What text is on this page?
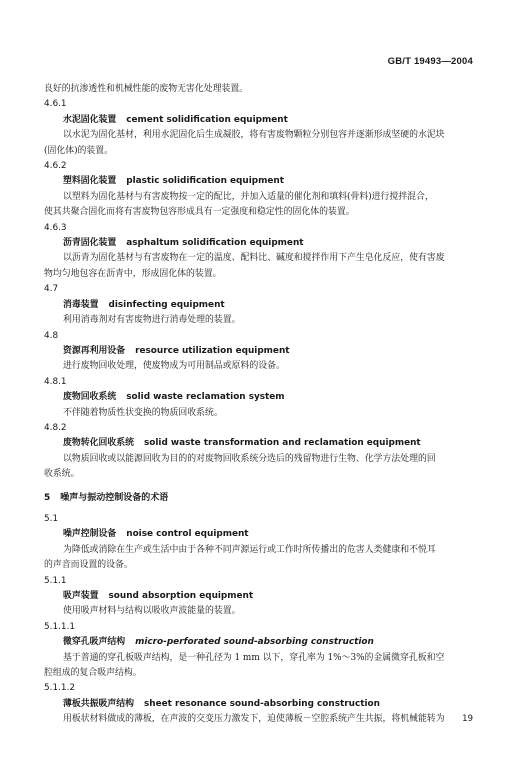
GB/T 19493—2004
良好的抗渗透性和机械性能的废物无害化处理装置。
4.6.1
水泥固化装置 cement solidification equipment
以水泥为固化基材，利用水泥固化后生成凝胶，将有害废物颗粒分别包容并逐渐形成坚硬的水泥块
(固化体)的装置。
4.6.2
塑料固化装置 plastic solidification equipment
以塑料为固化基材与有害废物按一定的配比，并加入适量的催化剂和填料(骨料)进行搅拌混合，
使其共聚合固化而将有害废物包容形成具有一定强度和稳定性的固化体的装置。
4.6.3
沥青固化装置 asphaltum solidification equipment
以沥青为固化基材与有害废物在一定的温度、配料比、碱度和搅拌作用下产生皂化反应，使有害废
物均匀地包容在沥青中，形成固化体的装置。
4.7
消毒装置 disinfecting equipment
利用消毒剂对有害废物进行消毒处理的装置。
4.8
资源再利用设备 resource utilization equipment
进行废物回收处理，使废物成为可用制品或原料的设备。
4.8.1
废物回收系统 solid waste reclamation system
不伴随着物质性状变换的物质回收系统。
4.8.2
废物转化回收系统 solid waste transformation and reclamation equipment
以物质回收或以能源回收为目的的对废物回收系统分选后的残留物进行生物、化学方法处理的回
收系统。
5 噪声与振动控制设备的术语
5.1
噪声控制设备 noise control equipment
为降低或消除在生产或生活中由于各种不同声源运行或工作时所传播出的危害人类健康和不悦耳
的声音而设置的设备。
5.1.1
吸声装置 sound absorption equipment
使用吸声材料与结构以吸收声波能量的装置。
5.1.1.1
微穿孔吸声结构 micro-perforated sound-absorbing construction
基于普通的穿孔板吸声结构，是一种孔径为 1 mm 以下，穿孔率为 1%～3%的金属微穿孔板和空
腔组成的复合吸声结构。
5.1.1.2
薄板共振吸声结构 sheet resonance sound-absorbing construction
用板状材料做成的薄板，在声波的交变压力激发下，迫使薄板－空腔系统产生共振，将机械能转为	19
